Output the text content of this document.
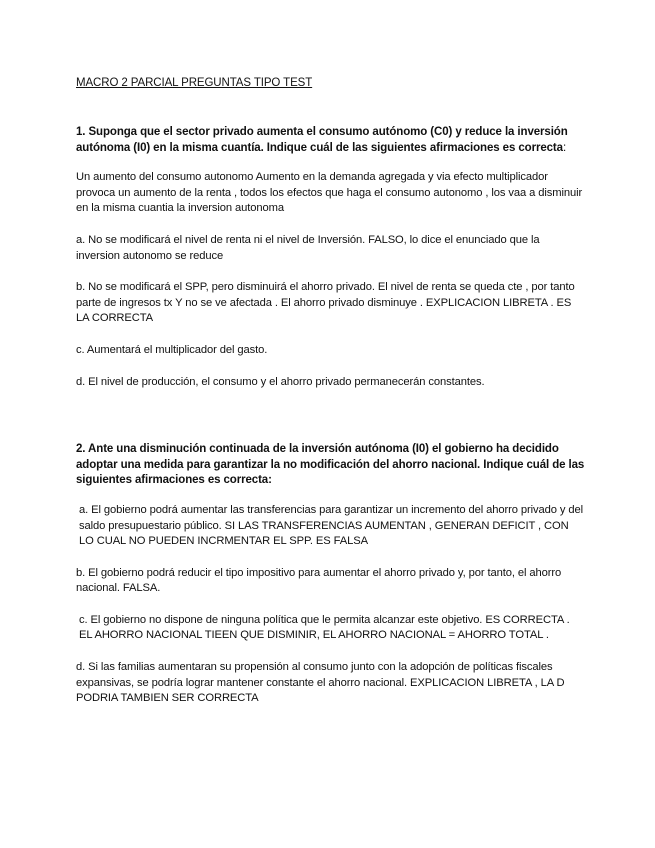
MACRO 2 PARCIAL PREGUNTAS TIPO TEST

1. Suponga que el sector privado aumenta el consumo autónomo (C0) y reduce la inversión autónoma (I0) en la misma cuantía. Indique cuál de las siguientes afirmaciones es correcta:

Un aumento del consumo autonomo Aumento en la demanda agregada y via efecto multiplicador provoca un aumento de la renta , todos los efectos que haga el consumo autonomo , los vaa a disminuir en la misma cuantia la inversion autonoma

a. No se modificará el nivel de renta ni el nivel de Inversión. FALSO, lo dice el enunciado que la inversion autonomo se reduce

b. No se modificará el SPP, pero disminuirá el ahorro privado. El nivel de renta se queda cte , por tanto parte de ingresos tx Y no se ve afectada . El ahorro privado disminuye . EXPLICACION LIBRETA . ES LA CORRECTA

c. Aumentará el multiplicador del gasto.

d. El nivel de producción, el consumo y el ahorro privado permanecerán constantes.

2. Ante una disminución continuada de la inversión autónoma (I0) el gobierno ha decidido adoptar una medida para garantizar la no modificación del ahorro nacional. Indique cuál de las siguientes afirmaciones es correcta:

a. El gobierno podrá aumentar las transferencias para garantizar un incremento del ahorro privado y del saldo presupuestario público. SI LAS TRANSFERENCIAS AUMENTAN , GENERAN DEFICIT , CON LO CUAL NO PUEDEN INCRMENTAR EL SPP. ES FALSA

b. El gobierno podrá reducir el tipo impositivo para aumentar el ahorro privado y, por tanto, el ahorro nacional. FALSA.

c. El gobierno no dispone de ninguna política que le permita alcanzar este objetivo. ES CORRECTA . EL AHORRO NACIONAL TIEEN QUE DISMINIR, EL AHORRO NACIONAL = AHORRO TOTAL .

d. Si las familias aumentaran su propensión al consumo junto con la adopción de políticas fiscales expansivas, se podría lograr mantener constante el ahorro nacional. EXPLICACION LIBRETA , LA D PODRIA TAMBIEN SER CORRECTA
